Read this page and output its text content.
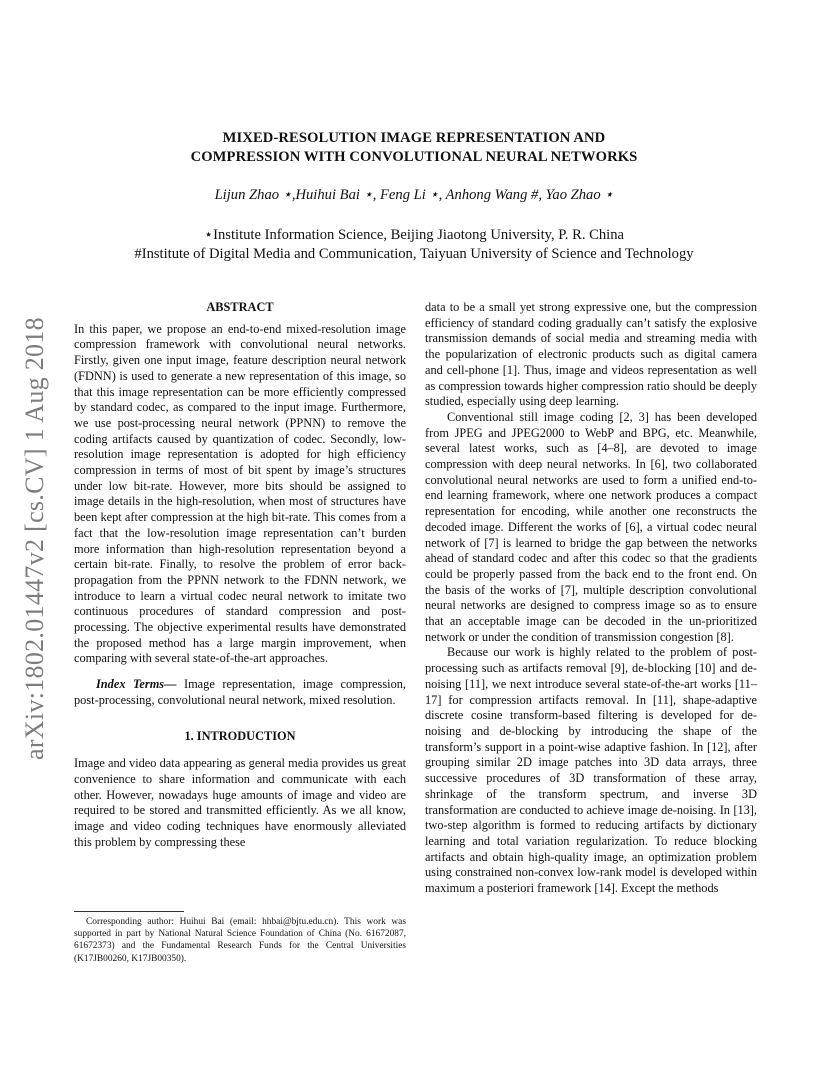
MIXED-RESOLUTION IMAGE REPRESENTATION AND
COMPRESSION WITH CONVOLUTIONAL NEURAL NETWORKS
Lijun Zhao ⋆,Huihui Bai ⋆, Feng Li ⋆, Anhong Wang #, Yao Zhao ⋆
⋆Institute Information Science, Beijing Jiaotong University, P. R. China
#Institute of Digital Media and Communication, Taiyuan University of Science and Technology
arXiv:1802.01447v2 [cs.CV] 1 Aug 2018
ABSTRACT

In this paper, we propose an end-to-end mixed-resolution image compression framework with convolutional neural networks. Firstly, given one input image, feature description neural network (FDNN) is used to generate a new representation of this image, so that this image representation can be more efficiently compressed by standard codec, as compared to the input image. Furthermore, we use post-processing neural network (PPNN) to remove the coding artifacts caused by quantization of codec. Secondly, low-resolution image representation is adopted for high efficiency compression in terms of most of bit spent by image’s structures under low bit-rate. However, more bits should be assigned to image details in the high-resolution, when most of structures have been kept after compression at the high bit-rate. This comes from a fact that the low-resolution image representation can’t burden more information than high-resolution representation beyond a certain bit-rate. Finally, to resolve the problem of error back-propagation from the PPNN network to the FDNN network, we introduce to learn a virtual codec neural network to imitate two continuous procedures of standard compression and post-processing. The objective experimental results have demonstrated the proposed method has a large margin improvement, when comparing with several state-of-the-art approaches.

Index Terms— Image representation, image compression, post-processing, convolutional neural network, mixed resolution.

1. INTRODUCTION

Image and video data appearing as general media provides us great convenience to share information and communicate with each other. However, nowadays huge amounts of image and video are required to be stored and transmitted efficiently. As we all know, image and video coding techniques have enormously alleviated this problem by compressing these

Corresponding author: Huihui Bai (email: hhbai@bjtu.edu.cn). This work was supported in part by National Natural Science Foundation of China (No. 61672087, 61672373) and the Fundamental Research Funds for the Central Universities (K17JB00260, K17JB00350).

data to be a small yet strong expressive one, but the compression efficiency of standard coding gradually can’t satisfy the explosive transmission demands of social media and streaming media with the popularization of electronic products such as digital camera and cell-phone [1]. Thus, image and videos representation as well as compression towards higher compression ratio should be deeply studied, especially using deep learning.

Conventional still image coding [2, 3] has been developed from JPEG and JPEG2000 to WebP and BPG, etc. Meanwhile, several latest works, such as [4–8], are devoted to image compression with deep neural networks. In [6], two collaborated convolutional neural networks are used to form a unified end-to-end learning framework, where one network produces a compact representation for encoding, while another one reconstructs the decoded image. Different the works of [6], a virtual codec neural network of [7] is learned to bridge the gap between the networks ahead of standard codec and after this codec so that the gradients could be properly passed from the back end to the front end. On the basis of the works of [7], multiple description convolutional neural networks are designed to compress image so as to ensure that an acceptable image can be decoded in the un-prioritized network or under the condition of transmission congestion [8].

Because our work is highly related to the problem of post-processing such as artifacts removal [9], de-blocking [10] and de-noising [11], we next introduce several state-of-the-art works [11–17] for compression artifacts removal. In [11], shape-adaptive discrete cosine transform-based filtering is developed for de-noising and de-blocking by introducing the shape of the transform’s support in a point-wise adaptive fashion. In [12], after grouping similar 2D image patches into 3D data arrays, three successive procedures of 3D transformation of these array, shrinkage of the transform spectrum, and inverse 3D transformation are conducted to achieve image de-noising. In [13], two-step algorithm is formed to reducing artifacts by dictionary learning and total variation regularization. To reduce blocking artifacts and obtain high-quality image, an optimization problem using constrained non-convex low-rank model is developed within maximum a posteriori framework [14]. Except the methods
